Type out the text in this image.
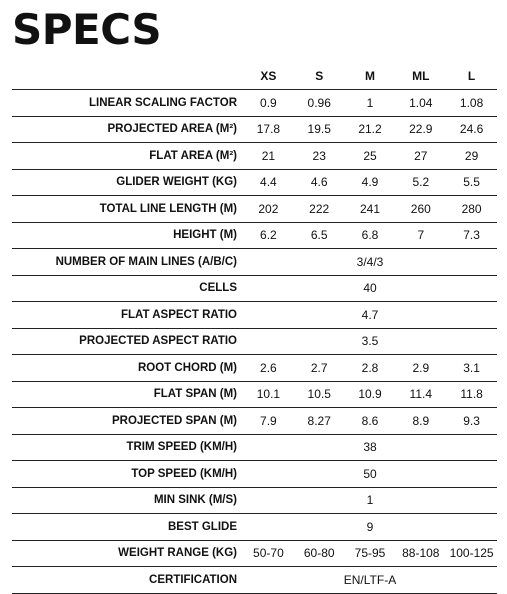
SPECS
	XS	S	M	ML	L
LINEAR SCALING FACTOR	0.9	0.96	1	1.04	1.08
PROJECTED AREA (M²)	17.8	19.5	21.2	22.9	24.6
FLAT AREA (M²)	21	23	25	27	29
GLIDER WEIGHT (KG)	4.4	4.6	4.9	5.2	5.5
TOTAL LINE LENGTH (M)	202	222	241	260	280
HEIGHT (M)	6.2	6.5	6.8	7	7.3
NUMBER OF MAIN LINES (A/B/C)	3/4/3				
CELLS	40				
FLAT ASPECT RATIO	4.7				
PROJECTED ASPECT RATIO	3.5				
ROOT CHORD (M)	2.6	2.7	2.8	2.9	3.1
FLAT SPAN (M)	10.1	10.5	10.9	11.4	11.8
PROJECTED SPAN (M)	7.9	8.27	8.6	8.9	9.3
TRIM SPEED (KM/H)	38				
TOP SPEED (KM/H)	50				
MIN SINK (M/S)	1				
BEST GLIDE	9				
WEIGHT RANGE (KG)	50-70	60-80	75-95	88-108	100-125
CERTIFICATION	EN/LTF-A				
